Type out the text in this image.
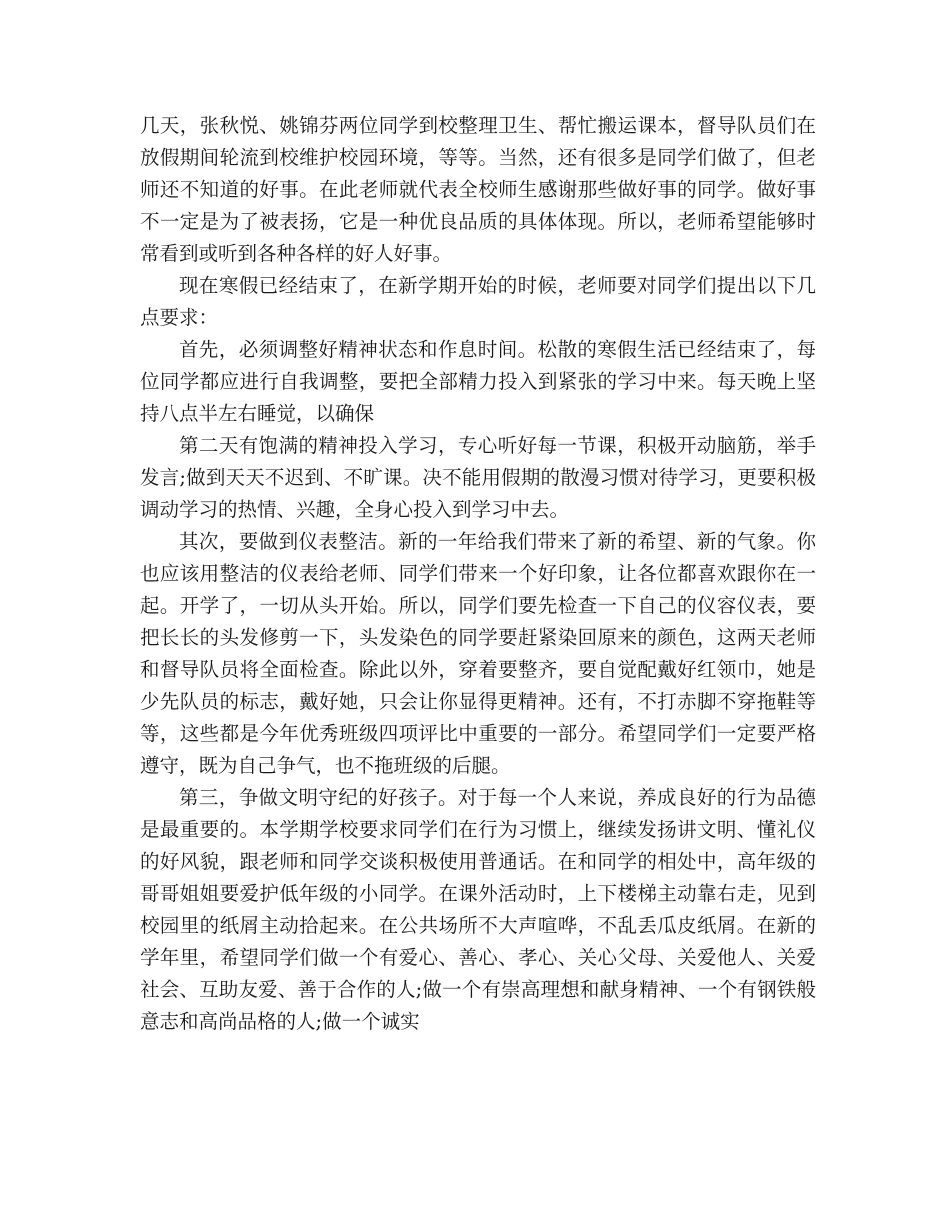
几天，张秋悦、姚锦芬两位同学到校整理卫生、帮忙搬运课本，督导队员们在放假期间轮流到校维护校园环境，等等。当然，还有很多是同学们做了，但老师还不知道的好事。在此老师就代表全校师生感谢那些做好事的同学。做好事不一定是为了被表扬，它是一种优良品质的具体体现。所以，老师希望能够时常看到或听到各种各样的好人好事。

现在寒假已经结束了，在新学期开始的时候，老师要对同学们提出以下几点要求：

首先，必须调整好精神状态和作息时间。松散的寒假生活已经结束了，每位同学都应进行自我调整，要把全部精力投入到紧张的学习中来。每天晚上坚持八点半左右睡觉，以确保

第二天有饱满的精神投入学习，专心听好每一节课，积极开动脑筋，举手发言;做到天天不迟到、不旷课。决不能用假期的散漫习惯对待学习，更要积极调动学习的热情、兴趣，全身心投入到学习中去。

其次，要做到仪表整洁。新的一年给我们带来了新的希望、新的气象。你也应该用整洁的仪表给老师、同学们带来一个好印象，让各位都喜欢跟你在一起。开学了，一切从头开始。所以，同学们要先检查一下自己的仪容仪表，要把长长的头发修剪一下，头发染色的同学要赶紧染回原来的颜色，这两天老师和督导队员将全面检查。除此以外，穿着要整齐，要自觉配戴好红领巾，她是少先队员的标志，戴好她，只会让你显得更精神。还有，不打赤脚不穿拖鞋等等，这些都是今年优秀班级四项评比中重要的一部分。希望同学们一定要严格遵守，既为自己争气，也不拖班级的后腿。

第三，争做文明守纪的好孩子。对于每一个人来说，养成良好的行为品德是最重要的。本学期学校要求同学们在行为习惯上，继续发扬讲文明、懂礼仪的好风貌，跟老师和同学交谈积极使用普通话。在和同学的相处中，高年级的哥哥姐姐要爱护低年级的小同学。在课外活动时，上下楼梯主动靠右走，见到校园里的纸屑主动拾起来。在公共场所不大声喧哗，不乱丢瓜皮纸屑。在新的学年里，希望同学们做一个有爱心、善心、孝心、关心父母、关爱他人、关爱社会、互助友爱、善于合作的人;做一个有崇高理想和献身精神、一个有钢铁般意志和高尚品格的人;做一个诚实
